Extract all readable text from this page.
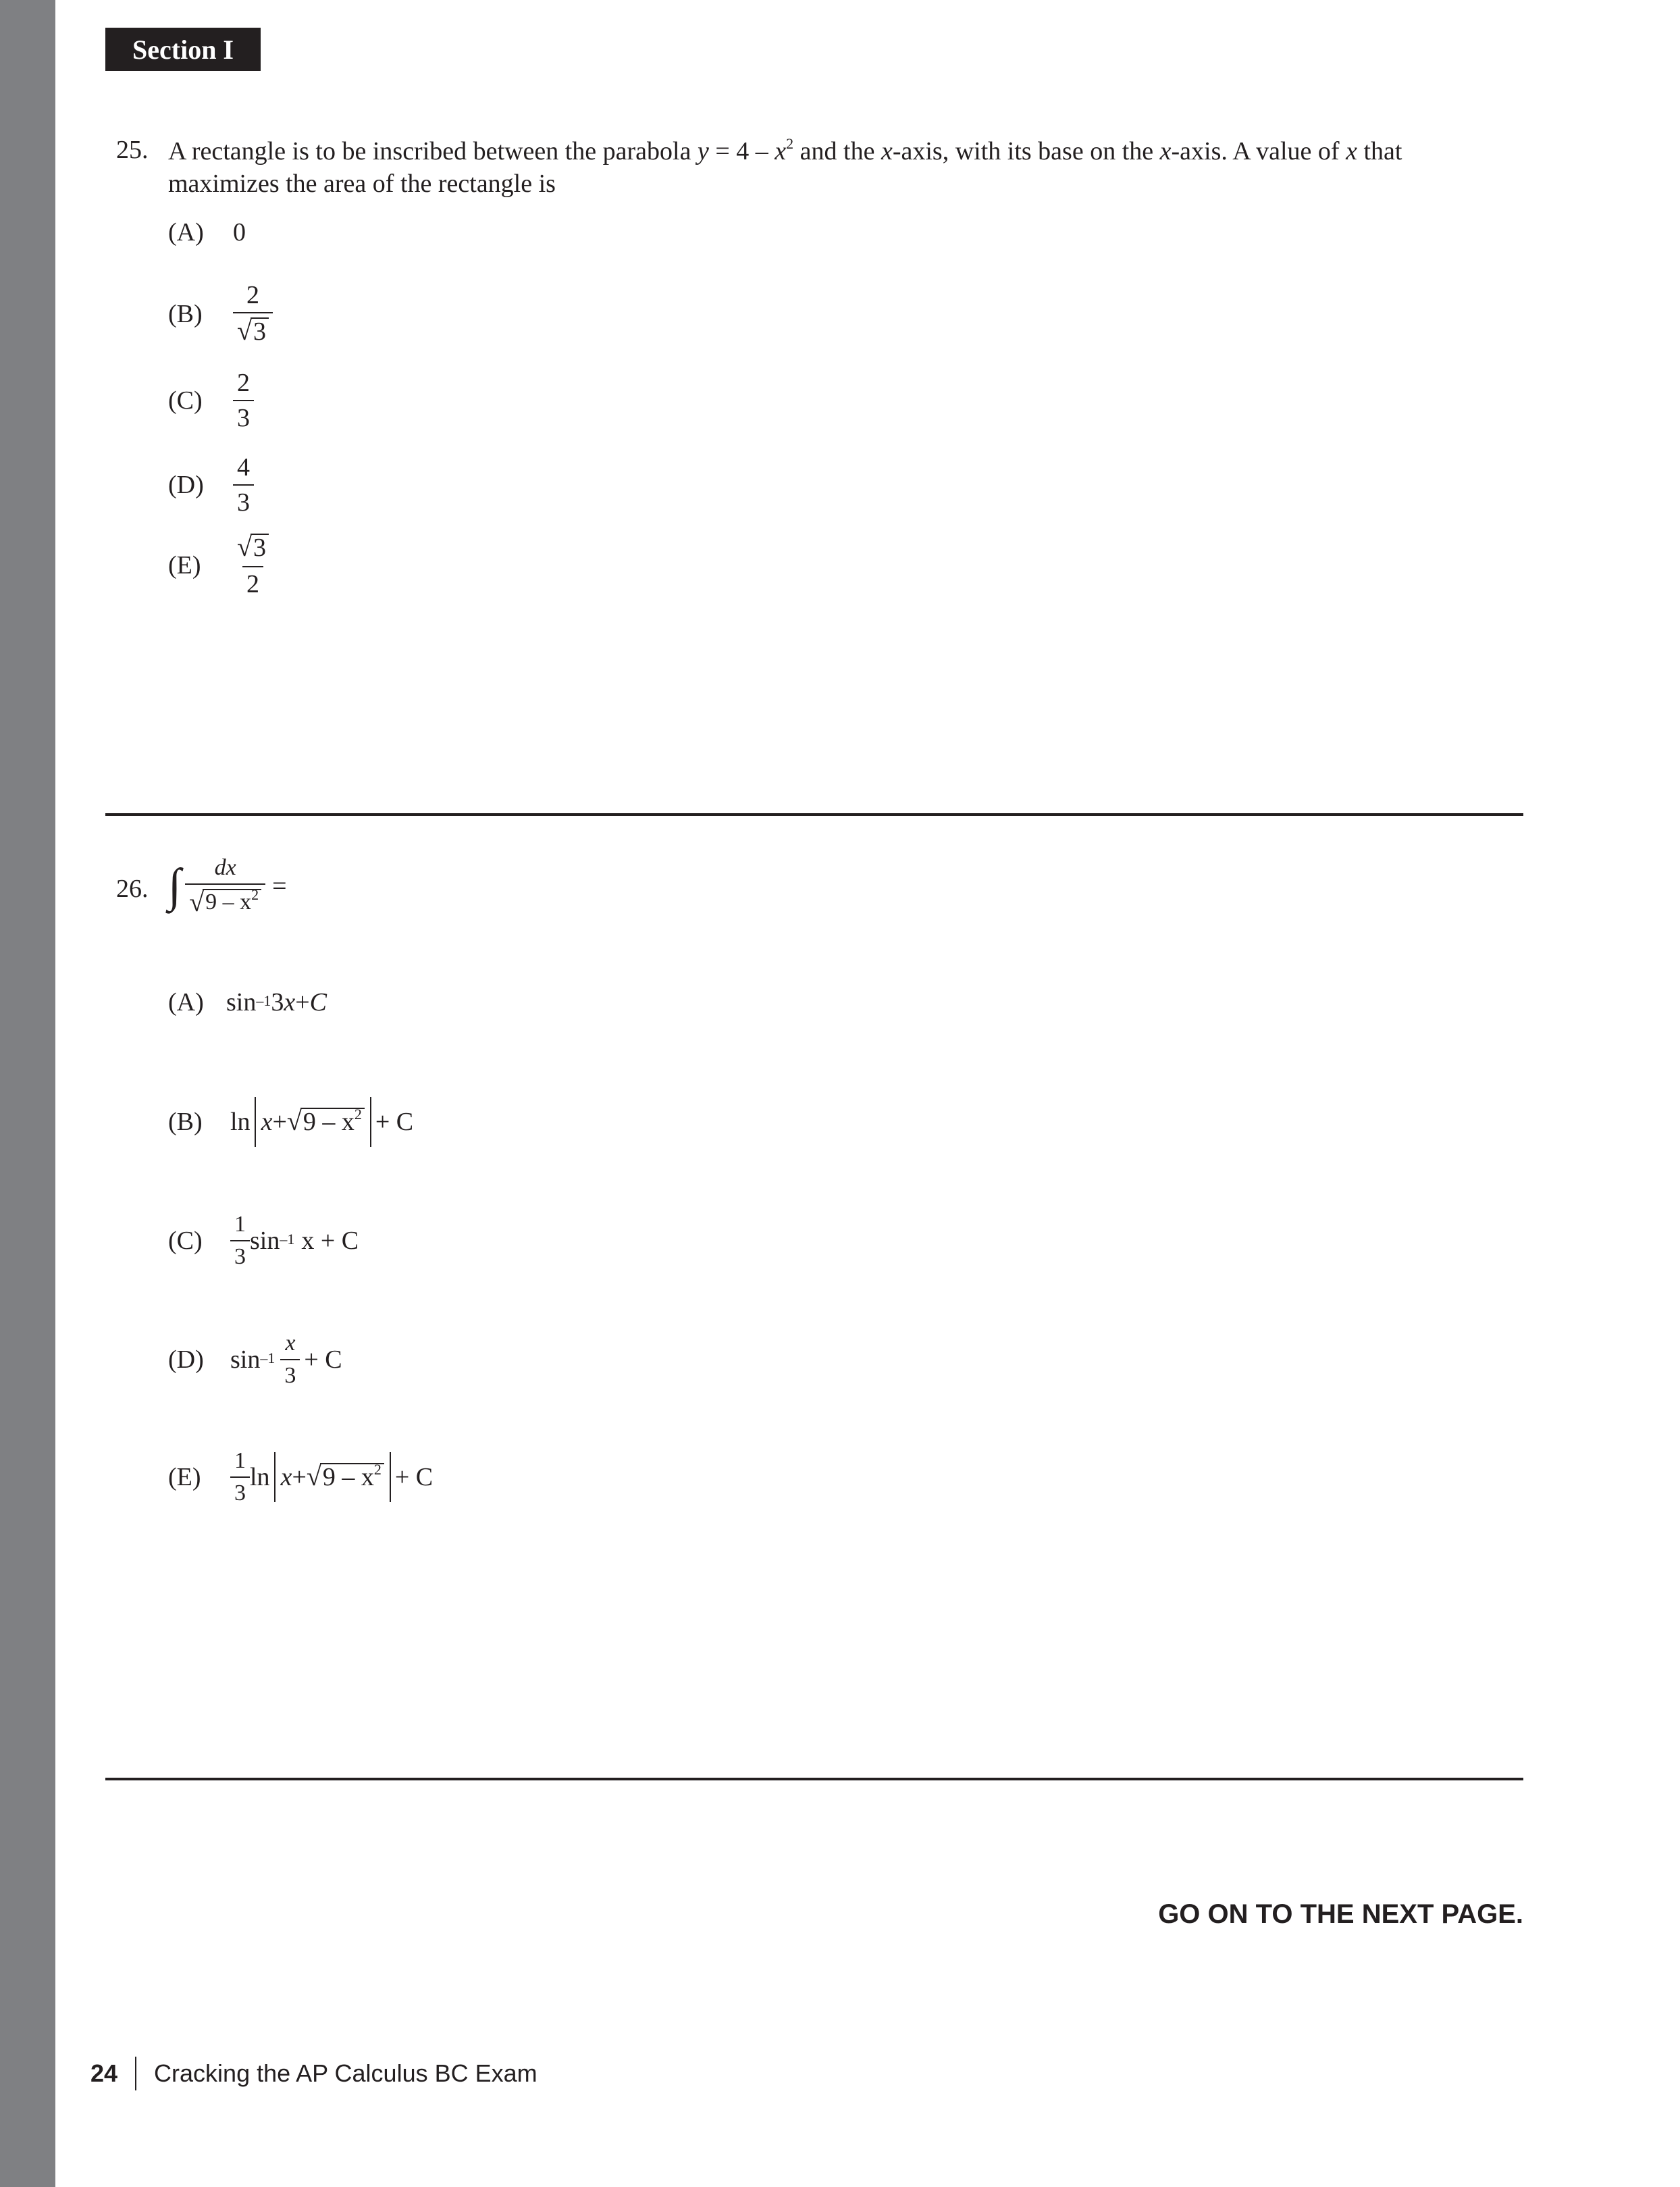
Section I
25. A rectangle is to be inscribed between the parabola $y = 4 - x^2$ and the x-axis, with its base on the x-axis. A value of x that
maximizes the area of the rectangle is
(A)	0
(B)	$\frac{2}{√ 3}$
(C)	$\frac{2}{3}$
(D)	$\frac{4}{3}$
(E)	$\frac{√ 3}{2}$
26. ∫ $\frac{dx}{√ 9 - x^2}$ =
(A) $\sin^{-1} 3$ x + C
(B)	ln x + √ $9 - x^2 + C$
(C)	$\frac{1}{3} \sin^{-1} x + C$
(D)	$\sin^{-1} \frac{x}{3} + C$
(E)	$\frac{1}{3}$ ln x + √ $9 - x^2 + C$
GO ON TO THE NEXT PAGE.
24 Cracking the AP Calculus BC Exam
